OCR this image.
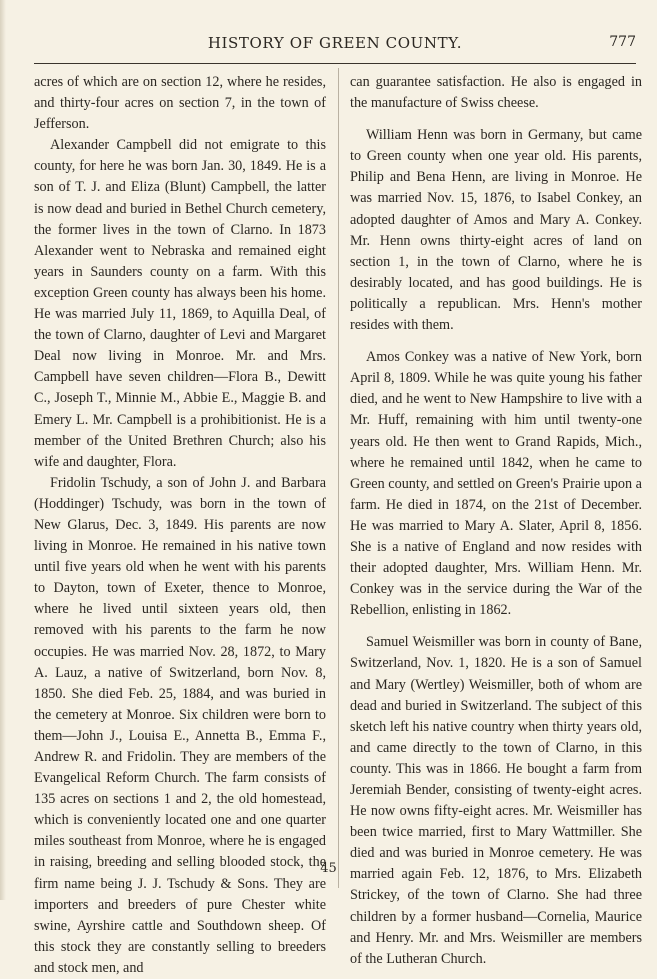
HISTORY OF GREEN COUNTY.	777

acres of which are on section 12, where he resides, and thirty-four acres on section 7, in the town of Jefferson.

Alexander Campbell did not emigrate to this county, for here he was born Jan. 30, 1849. He is a son of T. J. and Eliza (Blunt) Campbell, the latter is now dead and buried in Bethel Church cemetery, the former lives in the town of Clarno. In 1873 Alexander went to Nebraska and remained eight years in Saunders county on a farm. With this exception Green county has always been his home. He was married July 11, 1869, to Aquilla Deal, of the town of Clarno, daughter of Levi and Margaret Deal now living in Monroe. Mr. and Mrs. Campbell have seven children—Flora B., Dewitt C., Joseph T., Minnie M., Abbie E., Maggie B. and Emery L. Mr. Campbell is a prohibitionist. He is a member of the United Brethren Church; also his wife and daughter, Flora.

Fridolin Tschudy, a son of John J. and Barbara (Hoddinger) Tschudy, was born in the town of New Glarus, Dec. 3, 1849. His parents are now living in Monroe. He remained in his native town until five years old when he went with his parents to Dayton, town of Exeter, thence to Monroe, where he lived until sixteen years old, then removed with his parents to the farm he now occupies. He was married Nov. 28, 1872, to Mary A. Lauz, a native of Switzerland, born Nov. 8, 1850. She died Feb. 25, 1884, and was buried in the cemetery at Monroe. Six children were born to them—John J., Louisa E., Annetta B., Emma F., Andrew R. and Fridolin. They are members of the Evangelical Reform Church. The farm consists of 135 acres on sections 1 and 2, the old homestead, which is conveniently located one and one quarter miles southeast from Monroe, where he is engaged in raising, breeding and selling blooded stock, the firm name being J. J. Tschudy & Sons. They are importers and breeders of pure Chester white swine, Ayrshire cattle and Southdown sheep. Of this stock they are constantly selling to breeders and stock men, and

can guarantee satisfaction. He also is engaged in the manufacture of Swiss cheese.

William Henn was born in Germany, but came to Green county when one year old. His parents, Philip and Bena Henn, are living in Monroe. He was married Nov. 15, 1876, to Isabel Conkey, an adopted daughter of Amos and Mary A. Conkey. Mr. Henn owns thirty-eight acres of land on section 1, in the town of Clarno, where he is desirably located, and has good buildings. He is politically a republican. Mrs. Henn's mother resides with them.

Amos Conkey was a native of New York, born April 8, 1809. While he was quite young his father died, and he went to New Hampshire to live with a Mr. Huff, remaining with him until twenty-one years old. He then went to Grand Rapids, Mich., where he remained until 1842, when he came to Green county, and settled on Green's Prairie upon a farm. He died in 1874, on the 21st of December. He was married to Mary A. Slater, April 8, 1856. She is a native of England and now resides with their adopted daughter, Mrs. William Henn. Mr. Conkey was in the service during the War of the Rebellion, enlisting in 1862.

Samuel Weismiller was born in county of Bane, Switzerland, Nov. 1, 1820. He is a son of Samuel and Mary (Wertley) Weismiller, both of whom are dead and buried in Switzerland. The subject of this sketch left his native country when thirty years old, and came directly to the town of Clarno, in this county. This was in 1866. He bought a farm from Jeremiah Bender, consisting of twenty-eight acres. He now owns fifty-eight acres. Mr. Weismiller has been twice married, first to Mary Wattmiller. She died and was buried in Monroe cemetery. He was married again Feb. 12, 1876, to Mrs. Elizabeth Strickey, of the town of Clarno. She had three children by a former husband—Cornelia, Maurice and Henry. Mr. and Mrs. Weismiller are members of the Lutheran Church.

45
